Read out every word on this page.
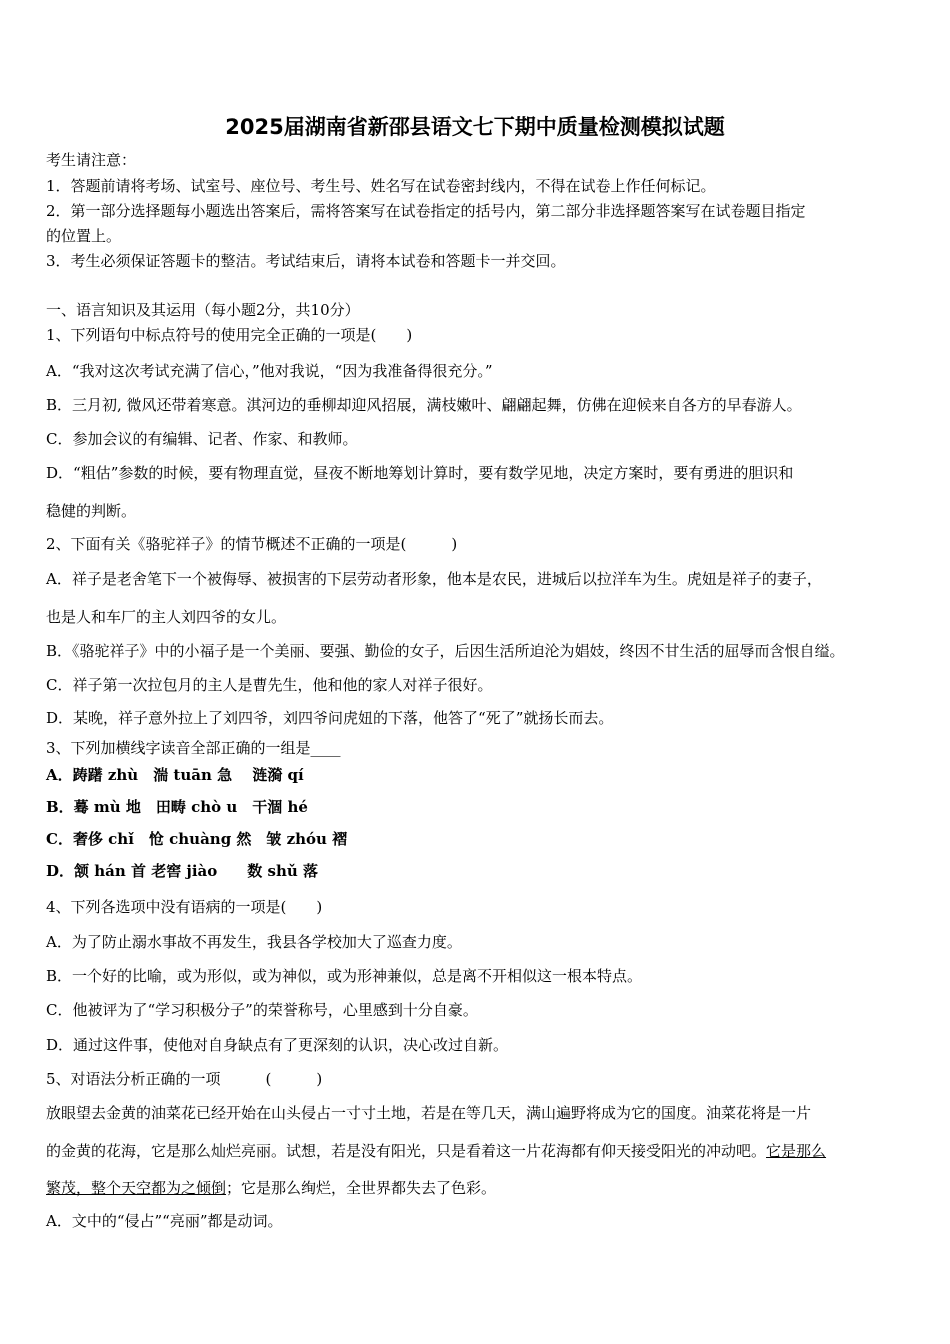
2025届湖南省新邵县语文七下期中质量检测模拟试题
考生请注意：
1．答题前请将考场、试室号、座位号、考生号、姓名写在试卷密封线内，不得在试卷上作任何标记。
2．第一部分选择题每小题选出答案后，需将答案写在试卷指定的括号内，第二部分非选择题答案写在试卷题目指定
的位置上。
3．考生必须保证答题卡的整洁。考试结束后，请将本试卷和答题卡一并交回。
一、语言知识及其运用（每小题2分，共10分）
1、下列语句中标点符号的使用完全正确的一项是(　　)
A．“我对这次考试充满了信心，”他对我说，“因为我准备得很充分。”
B．三月初, 微风还带着寒意。淇河边的垂柳却迎风招展，满枝嫩叶、翩翩起舞，仿佛在迎候来自各方的早春游人。
C．参加会议的有编辑、记者、作家、和教师。
D．“粗估”参数的时候，要有物理直觉，昼夜不断地筹划计算时，要有数学见地，决定方案时，要有勇进的胆识和
稳健的判断。
2、下面有关《骆驼祥子》的情节概述不正确的一项是(　　　)
A．祥子是老舍笔下一个被侮辱、被损害的下层劳动者形象，他本是农民，进城后以拉洋车为生。虎妞是祥子的妻子，
也是人和车厂的主人刘四爷的女儿。
B．《骆驼祥子》中的小福子是一个美丽、要强、勤俭的女子，后因生活所迫沦为娼妓，终因不甘生活的屈辱而含恨自缢。
C．祥子第一次拉包月的主人是曹先生，他和他的家人对祥子很好。
D．某晚，祥子意外拉上了刘四爷，刘四爷问虎妞的下落，他答了“死了”就扬长而去。
3、下列加横线字读音全部正确的一组是____
A．踌躇 zhù　湍 tuān 急　 涟漪 qí
B．蓦 mù 地　田畴 chò u　干涸 hé
C．奢侈 chǐ　怆 chuàng 然　皱 zhóu 褶
D．颔 hán 首 老窖 jiào　　数 shǔ 落
4、下列各选项中没有语病的一项是(　　)
A．为了防止溺水事故不再发生，我县各学校加大了巡查力度。
B．一个好的比喻，或为形似，或为神似，或为形神兼似，总是离不开相似这一根本特点。
C．他被评为了“学习积极分子”的荣誉称号，心里感到十分自豪。
D．通过这件事，使他对自身缺点有了更深刻的认识，决心改过自新。
5、对语法分析正确的一项　　　(　　　)
放眼望去金黄的油菜花已经开始在山头侵占一寸寸土地，若是在等几天，满山遍野将成为它的国度。油菜花将是一片
的金黄的花海，它是那么灿烂亮丽。试想，若是没有阳光，只是看着这一片花海都有仰天接受阳光的冲动吧。它是那么
繁茂，整个天空都为之倾倒；它是那么绚烂，全世界都失去了色彩。
A．文中的“侵占”“亮丽”都是动词。
